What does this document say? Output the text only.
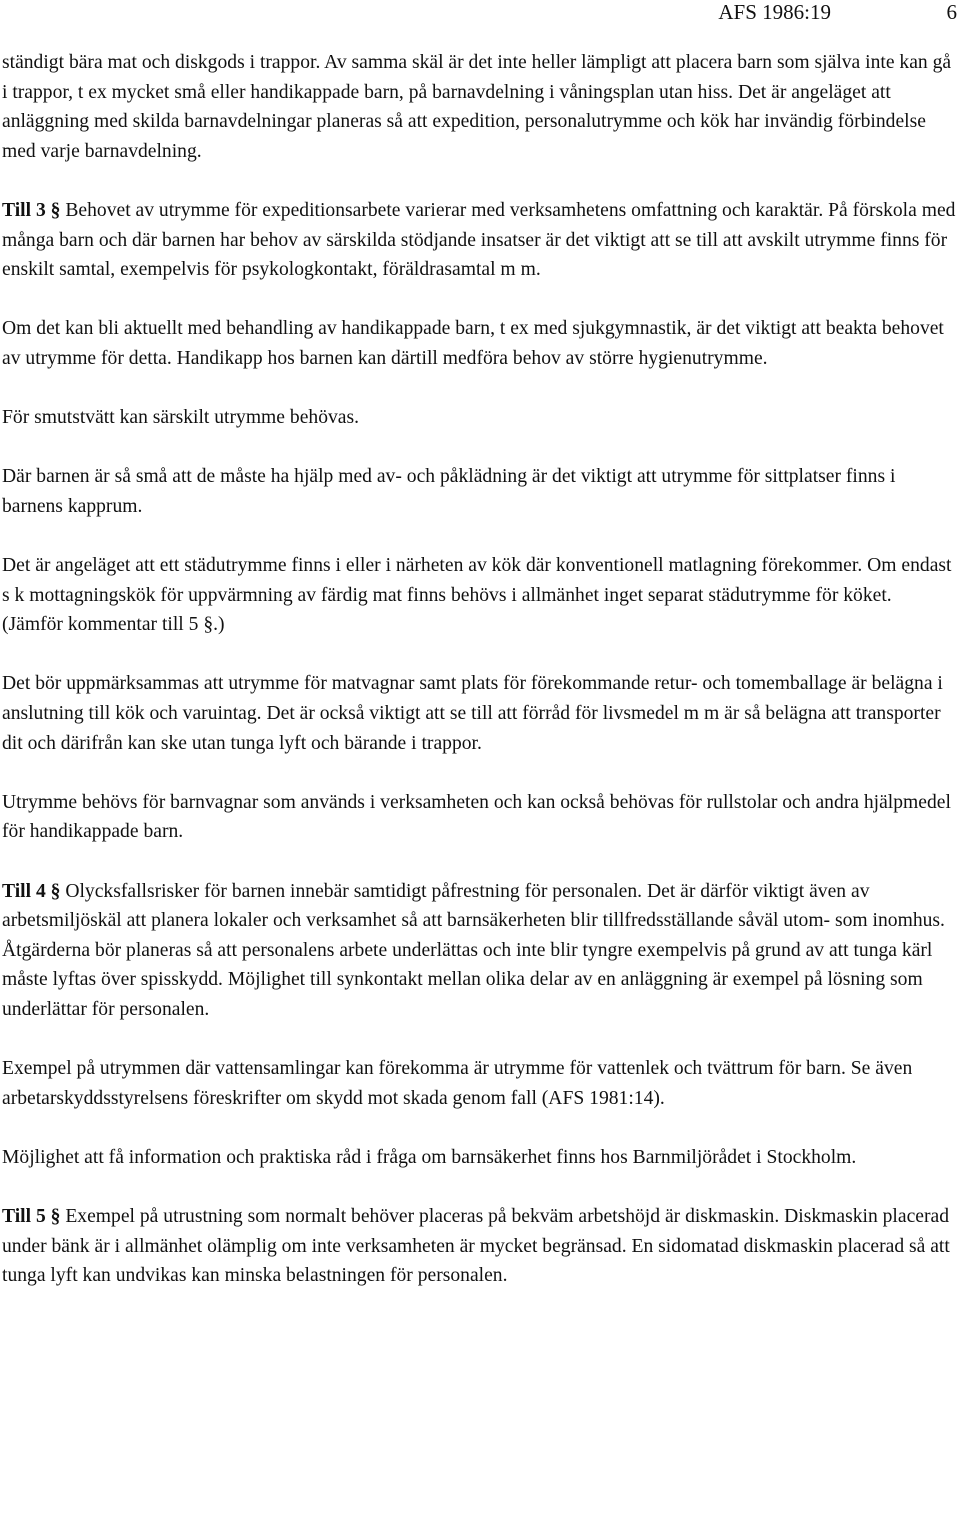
AFS 1986:19	6

ständigt bära mat och diskgods i trappor. Av samma skäl är det inte heller lämpligt att placera barn som själva inte kan gå i trappor, t ex mycket små eller handikappade barn, på barnavdelning i våningsplan utan hiss. Det är angeläget att anläggning med skilda barnavdelningar planeras så att expedition, personalutrymme och kök har invändig förbindelse med varje barnavdelning.

Till 3 § Behovet av utrymme för expeditionsarbete varierar med verksamhetens omfattning och karaktär. På förskola med många barn och där barnen har behov av särskilda stödjande insatser är det viktigt att se till att avskilt utrymme finns för enskilt samtal, exempelvis för psykologkontakt, föräldrasamtal m m.

Om det kan bli aktuellt med behandling av handikappade barn, t ex med sjukgymnastik, är det viktigt att beakta behovet av utrymme för detta. Handikapp hos barnen kan därtill medföra behov av större hygienutrymme.

För smutstvätt kan särskilt utrymme behövas.

Där barnen är så små att de måste ha hjälp med av- och påklädning är det viktigt att utrymme för sittplatser finns i barnens kapprum.

Det är angeläget att ett städutrymme finns i eller i närheten av kök där konventionell matlagning förekommer. Om endast s k mottagningskök för uppvärmning av färdig mat finns behövs i allmänhet inget separat städutrymme för köket. (Jämför kommentar till 5 §.)

Det bör uppmärksammas att utrymme för matvagnar samt plats för förekommande retur- och tomemballage är belägna i anslutning till kök och varuintag. Det är också viktigt att se till att förråd för livsmedel m m är så belägna att transporter dit och därifrån kan ske utan tunga lyft och bärande i trappor.

Utrymme behövs för barnvagnar som används i verksamheten och kan också behövas för rullstolar och andra hjälpmedel för handikappade barn.

Till 4 § Olycksfallsrisker för barnen innebär samtidigt påfrestning för personalen. Det är därför viktigt även av arbetsmiljöskäl att planera lokaler och verksamhet så att barnsäkerheten blir tillfredsställande såväl utom- som inomhus. Åtgärderna bör planeras så att personalens arbete underlättas och inte blir tyngre exempelvis på grund av att tunga kärl måste lyftas över spisskydd. Möjlighet till synkontakt mellan olika delar av en anläggning är exempel på lösning som underlättar för personalen.

Exempel på utrymmen där vattensamlingar kan förekomma är utrymme för vattenlek och tvättrum för barn. Se även arbetarskyddsstyrelsens föreskrifter om skydd mot skada genom fall (AFS 1981:14).

Möjlighet att få information och praktiska råd i fråga om barnsäkerhet finns hos Barnmiljörådet i Stockholm.

Till 5 § Exempel på utrustning som normalt behöver placeras på bekväm arbetshöjd är diskmaskin. Diskmaskin placerad under bänk är i allmänhet olämplig om inte verksamheten är mycket begränsad. En sidomatad diskmaskin placerad så att tunga lyft kan undvikas kan minska belastningen för personalen.
